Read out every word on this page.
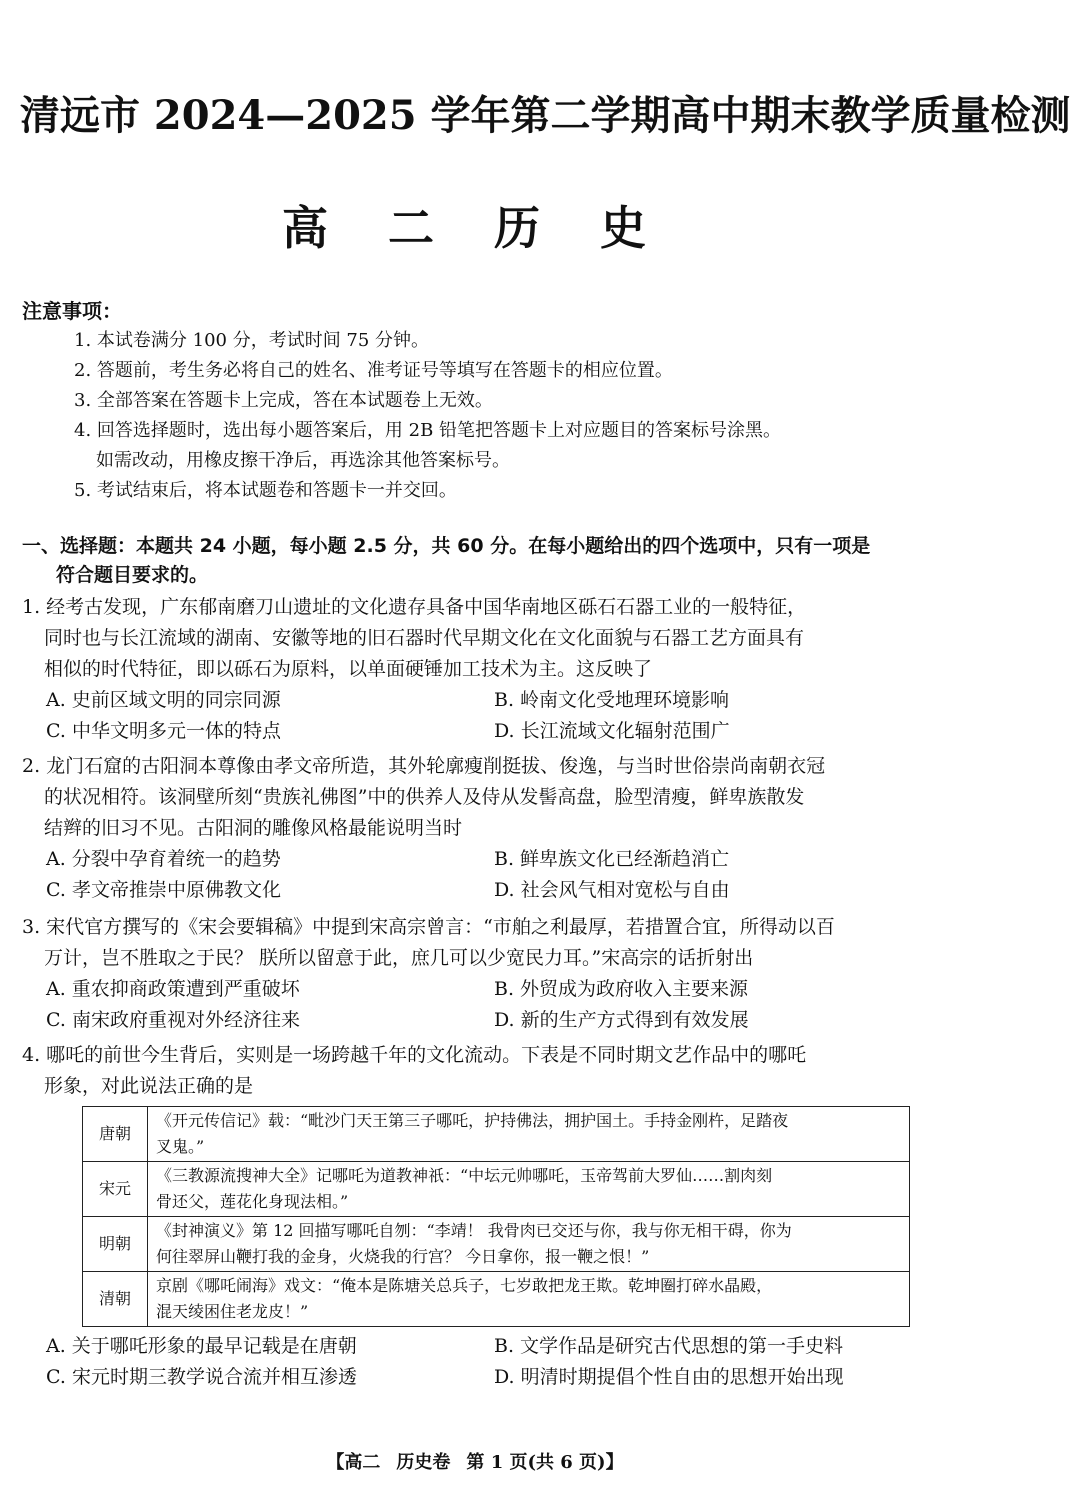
清远市 2024—2025 学年第二学期高中期末教学质量检测
高 二 历 史
注意事项：
1. 本试卷满分 100 分，考试时间 75 分钟。
2. 答题前，考生务必将自己的姓名、准考证号等填写在答题卡的相应位置。
3. 全部答案在答题卡上完成，答在本试题卷上无效。
4. 回答选择题时，选出每小题答案后，用 2B 铅笔把答题卡上对应题目的答案标号涂黑。
如需改动，用橡皮擦干净后，再选涂其他答案标号。
5. 考试结束后，将本试题卷和答题卡一并交回。
一、选择题：本题共 24 小题，每小题 2.5 分，共 60 分。在每小题给出的四个选项中，只有一项是
符合题目要求的。
1. 经考古发现，广东郁南磨刀山遗址的文化遗存具备中国华南地区砾石石器工业的一般特征，
同时也与长江流域的湖南、安徽等地的旧石器时代早期文化在文化面貌与石器工艺方面具有
相似的时代特征，即以砾石为原料，以单面硬锤加工技术为主。这反映了
A. 史前区域文明的同宗同源	B. 岭南文化受地理环境影响
C. 中华文明多元一体的特点	D. 长江流域文化辐射范围广
2. 龙门石窟的古阳洞本尊像由孝文帝所造，其外轮廓瘦削挺拔、俊逸，与当时世俗崇尚南朝衣冠
的状况相符。该洞壁所刻“贵族礼佛图”中的供养人及侍从发髻高盘，脸型清瘦，鲜卑族散发
结辫的旧习不见。古阳洞的雕像风格最能说明当时
A. 分裂中孕育着统一的趋势	B. 鲜卑族文化已经渐趋消亡
C. 孝文帝推崇中原佛教文化	D. 社会风气相对宽松与自由
3. 宋代官方撰写的《宋会要辑稿》中提到宋高宗曾言：“市舶之利最厚，若措置合宜，所得动以百
万计，岂不胜取之于民？ 朕所以留意于此，庶几可以少宽民力耳。”宋高宗的话折射出
A. 重农抑商政策遭到严重破坏	B. 外贸成为政府收入主要来源
C. 南宋政府重视对外经济往来	D. 新的生产方式得到有效发展
4. 哪吒的前世今生背后，实则是一场跨越千年的文化流动。下表是不同时期文艺作品中的哪吒
形象，对此说法正确的是
唐朝	《开元传信记》载：“毗沙门天王第三子哪吒，护持佛法，拥护国土。手持金刚杵，足踏夜
叉鬼。”
宋元	《三教源流搜神大全》记哪吒为道教神祇：“中坛元帅哪吒，玉帝驾前大罗仙……割肉刻
骨还父，莲花化身现法相。”
明朝	《封神演义》第 12 回描写哪吒自刎：“李靖！ 我骨肉已交还与你，我与你无相干碍，你为
何往翠屏山鞭打我的金身，火烧我的行宫？ 今日拿你，报一鞭之恨！”
清朝	京剧《哪吒闹海》戏文：“俺本是陈塘关总兵子，七岁敢把龙王欺。乾坤圈打碎水晶殿，
混天绫困住老龙皮！”
A. 关于哪吒形象的最早记载是在唐朝	B. 文学作品是研究古代思想的第一手史料
C. 宋元时期三教学说合流并相互渗透	D. 明清时期提倡个性自由的思想开始出现
【高二 历史卷 第 1 页(共 6 页)】
